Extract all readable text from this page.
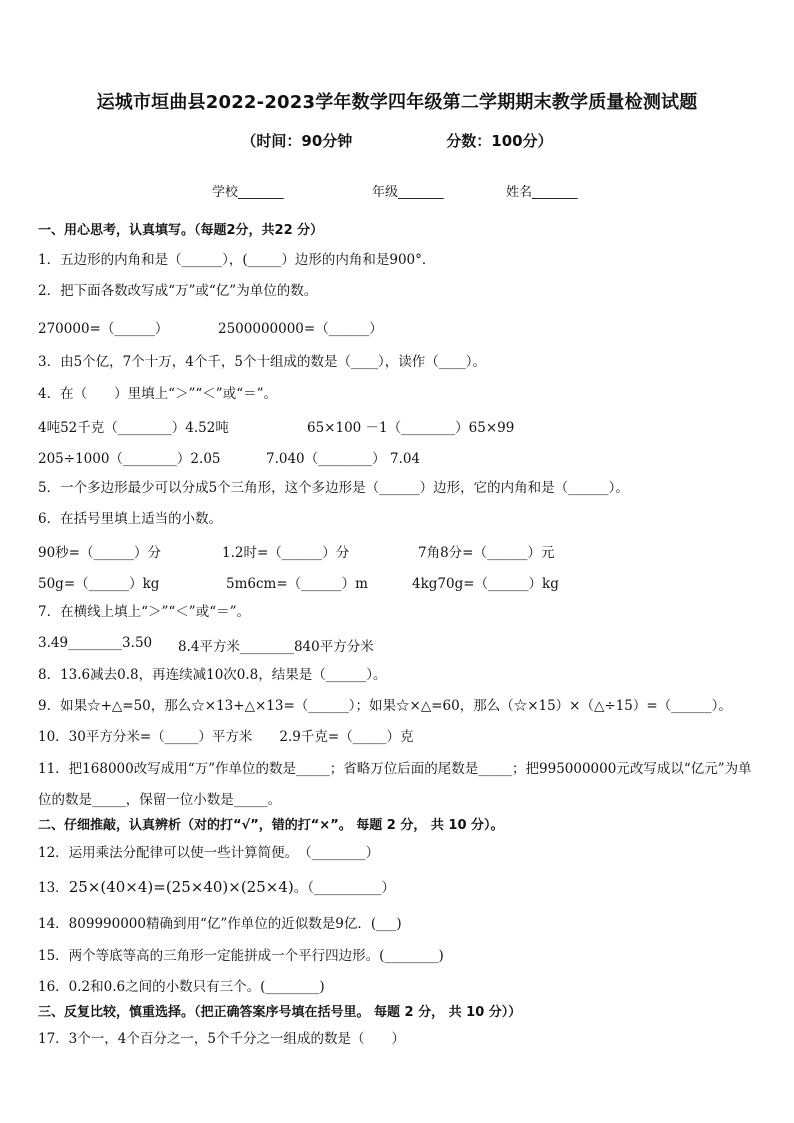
运城市垣曲县2022-2023学年数学四年级第二学期期末教学质量检测试题
（时间：90分钟                  分数：100分）
学校_______	年级_______	姓名_______
一、用心思考，认真填写。（每题2分，共22 分）
1．五边形的内角和是（______），(_____）边形的内角和是900°．
2．把下面各数改写成“万”或“亿”为单位的数。
270000=（______）	2500000000=（______）
3．由5个亿，7个十万，4个千，5个十组成的数是（____），读作（____）。
4．在（　　）里填上“＞”“＜”或“＝”。
4吨52千克（________）4.52吨	65×100 －1（________）65×99
205÷1000（________）2.05	7.040（________） 7.04
5．一个多边形最少可以分成5个三角形，这个多边形是（______）边形，它的内角和是（______）。
6．在括号里填上适当的小数。
90秒=（______）分	1.2时=（______）分	7角8分=（______）元
50g=（______）kg	5m6cm=（______）m	4kg70g=（______）kg
7．在横线上填上“＞”“＜”或“＝”。
3.49________3.50 8.4平方米________840平方分米
8．13.6减去0.8，再连续减10次0.8，结果是（______）。
9．如果☆+△=50，那么☆×13+△×13=（______）；如果☆×△=60，那么（☆×15）×（△÷15）=（______）。
10．30平方分米=（_____）平方米　　2.9千克=（_____）克
11．把168000改写成用“万”作单位的数是_____；省略万位后面的尾数是_____；把995000000元改写成以“亿元”为单
位的数是_____，保留一位小数是_____。
二、仔细推敲，认真辨析（对的打“√”，错的打“×”。 每题 2 分， 共 10 分）。
12．运用乘法分配律可以使一些计算简便。　（________）
13．25×(40×4)=(25×40)×(25×4)。（__________）
14．809990000精确到用“亿”作单位的近似数是9亿．(___)
15．两个等底等高的三角形一定能拼成一个平行四边形。(________)
16．0.2和0.6之间的小数只有三个。(________)
三、反复比较，慎重选择。（把正确答案序号填在括号里。 每题 2 分， 共 10 分））
17．3个一，4个百分之一，5个千分之一组成的数是（　　）
